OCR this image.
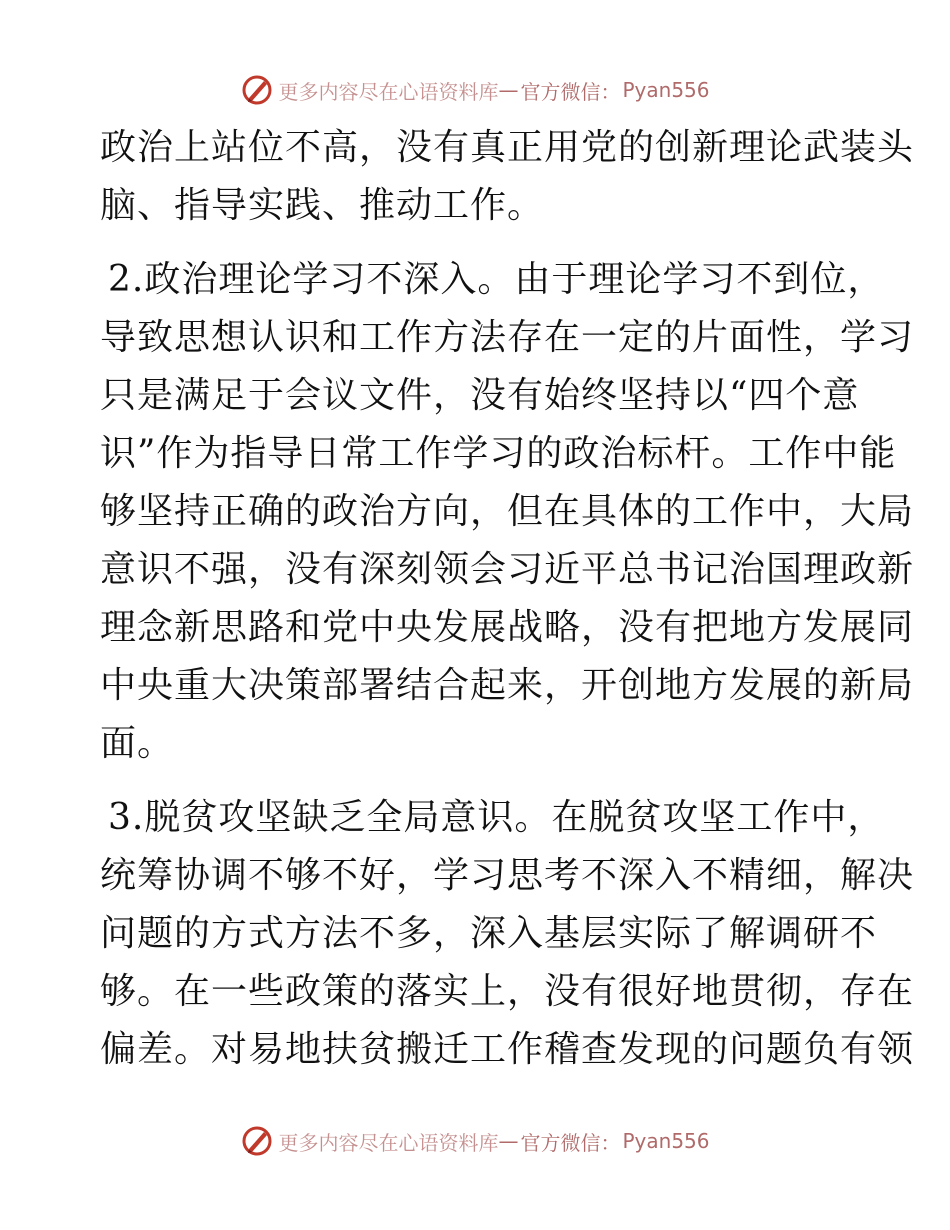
更多内容尽在心语资料库 — 官方微信： Pyan556
政治上站位不高，没有真正用党的创新理论武装头
脑、指导实践、推动工作。
2.政治理论学习不深入。由于理论学习不到位，
导致思想认识和工作方法存在一定的片面性，学习
只是满足于会议文件，没有始终坚持以“四个意
识”作为指导日常工作学习的政治标杆。工作中能
够坚持正确的政治方向，但在具体的工作中，大局
意识不强，没有深刻领会习近平总书记治国理政新
理念新思路和党中央发展战略，没有把地方发展同
中央重大决策部署结合起来，开创地方发展的新局
面。
3.脱贫攻坚缺乏全局意识。在脱贫攻坚工作中，
统筹协调不够不好，学习思考不深入不精细，解决
问题的方式方法不多，深入基层实际了解调研不
够。在一些政策的落实上，没有很好地贯彻，存在
偏差。对易地扶贫搬迁工作稽查发现的问题负有领
更多内容尽在心语资料库 — 官方微信： Pyan556
